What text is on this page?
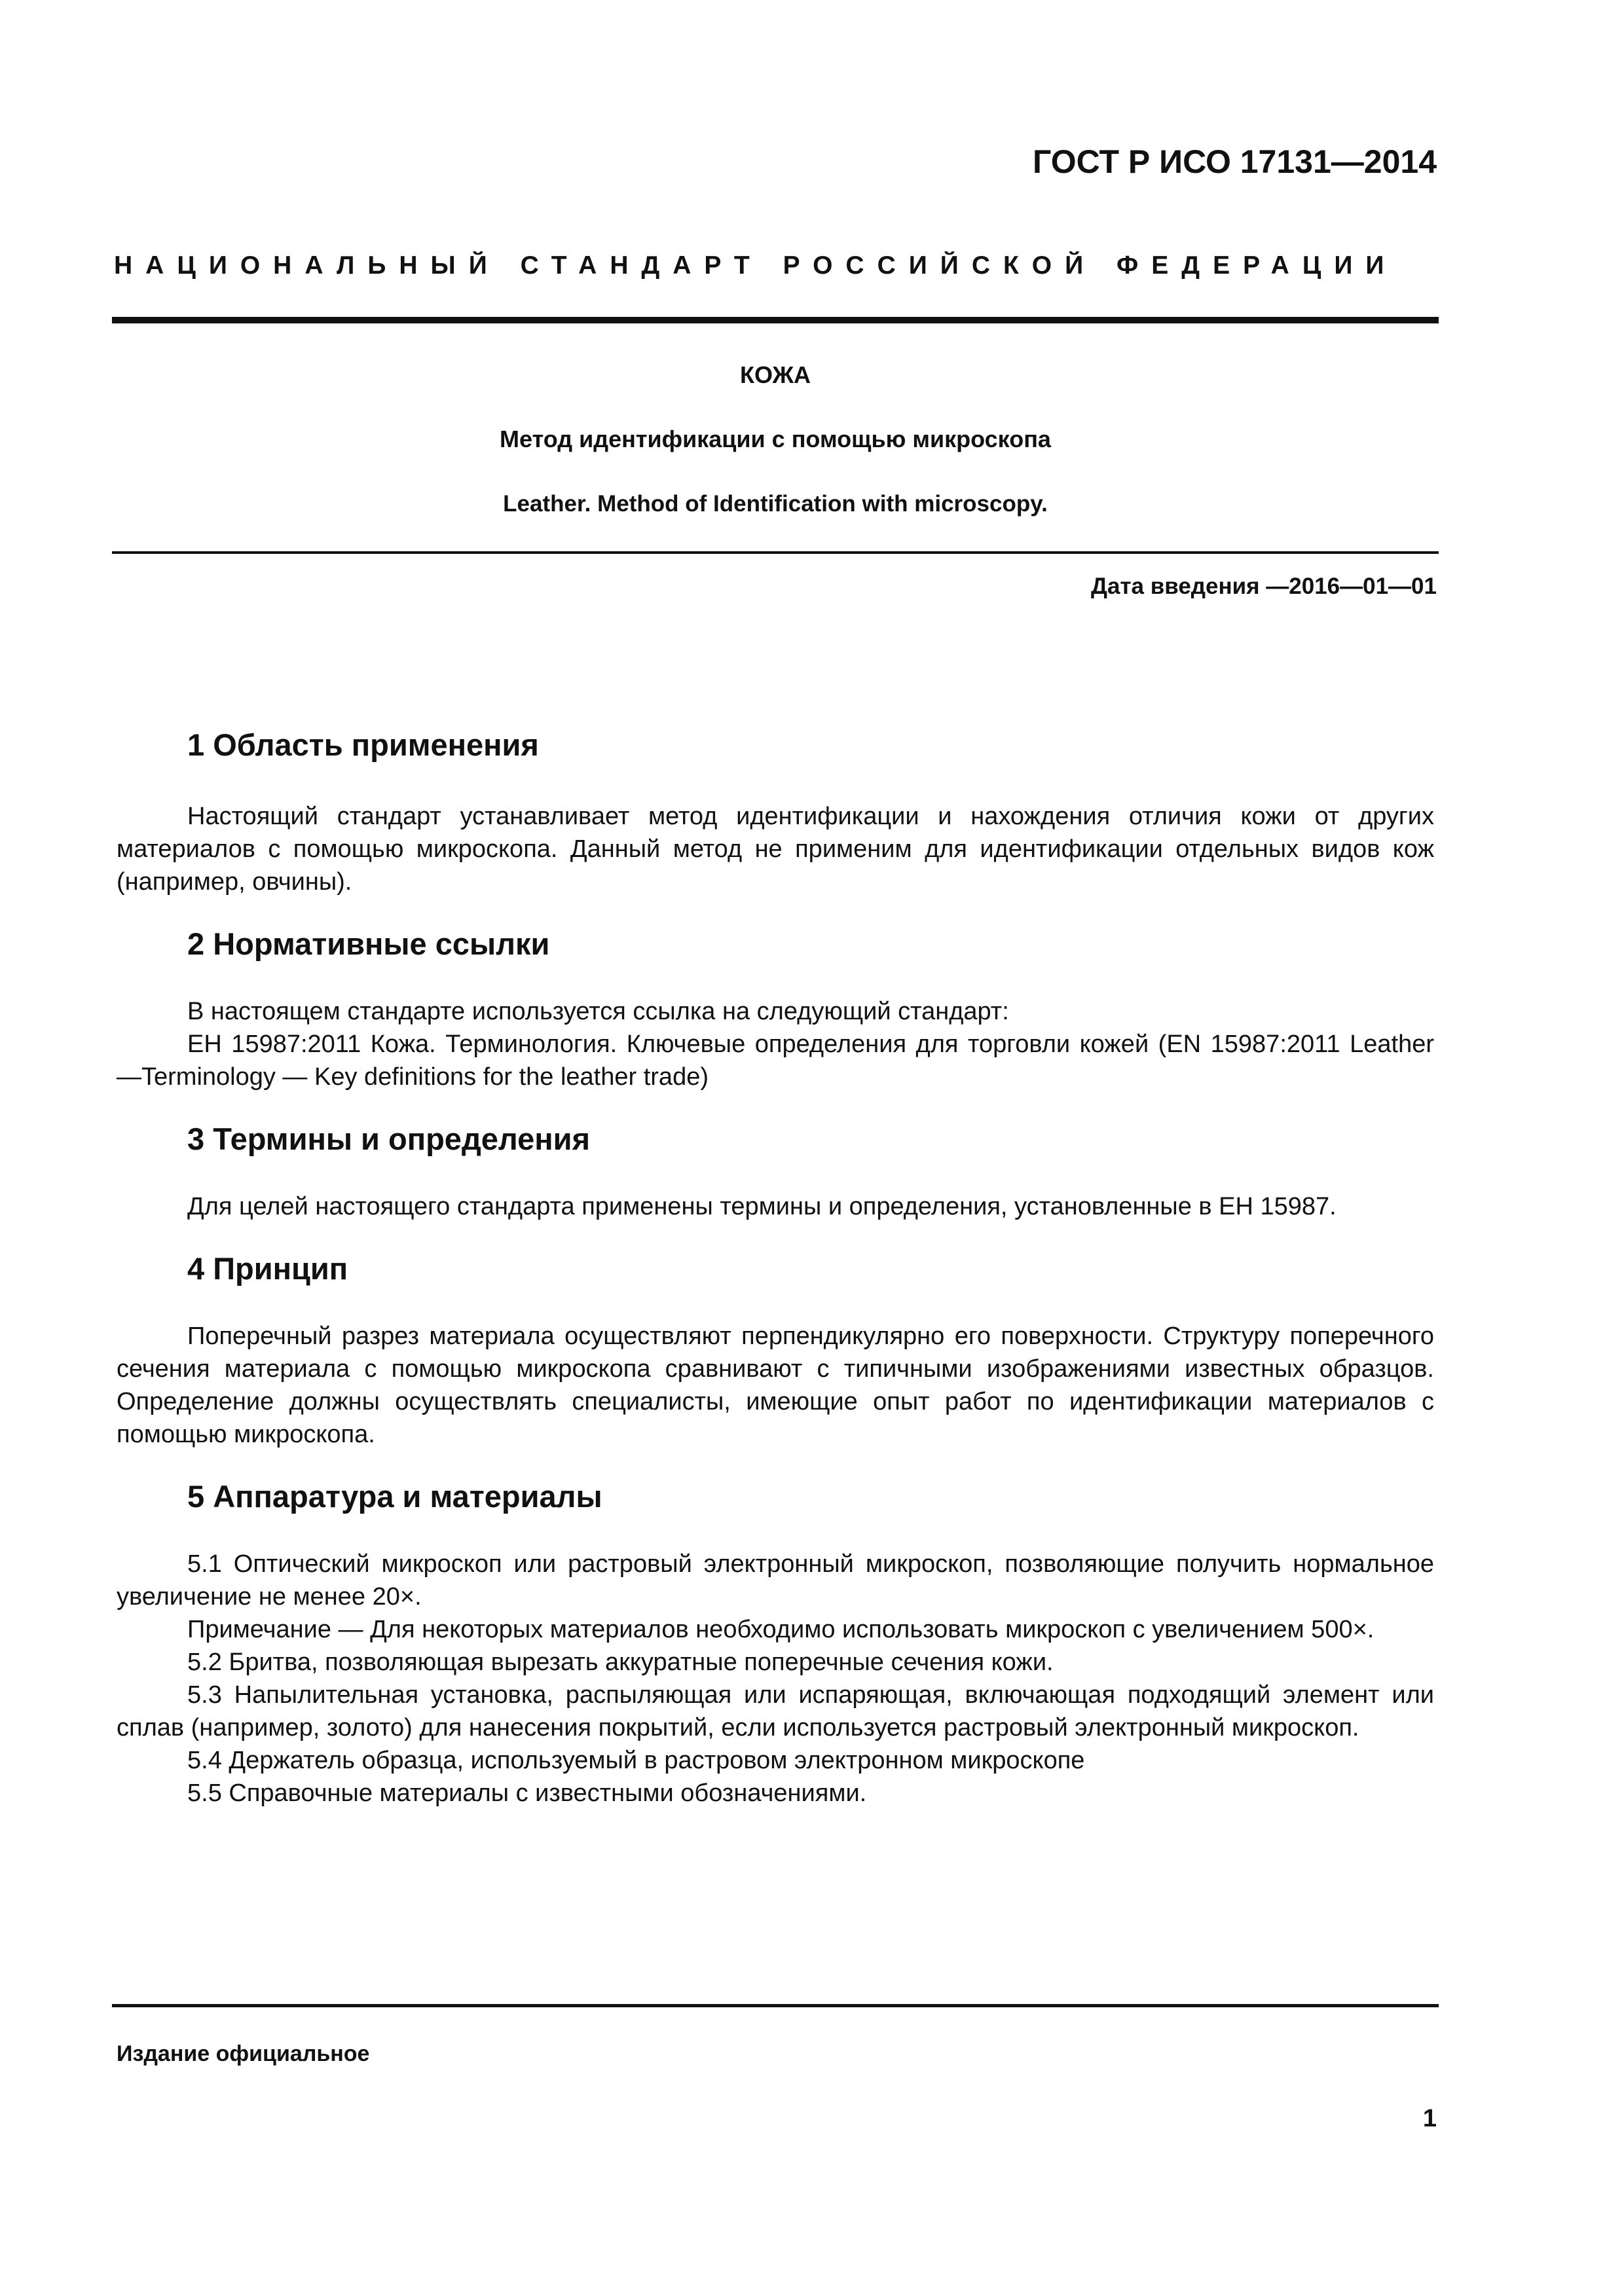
ГОСТ Р ИСО 17131—2014
НАЦИОНАЛЬНЫЙ СТАНДАРТ РОССИЙСКОЙ ФЕДЕРАЦИИ
КОЖА
Метод идентификации с помощью микроскопа
Leather. Method of Identification with microscopy.
Дата введения —2016—01—01
1 Область применения

Настоящий стандарт устанавливает метод идентификации и нахождения отличия кожи от других материалов с помощью микроскопа. Данный метод не применим для идентификации отдельных видов кож (например, овчины).

2 Нормативные ссылки

В настоящем стандарте используется ссылка на следующий стандарт:

ЕН 15987:2011 Кожа. Терминология. Ключевые определения для торговли кожей (EN 15987:2011 Leather —Terminology — Key definitions for the leather trade)

3 Термины и определения

Для целей настоящего стандарта применены термины и определения, установленные в ЕН 15987.

4 Принцип

Поперечный разрез материала осуществляют перпендикулярно его поверхности. Структуру поперечного сечения материала с помощью микроскопа сравнивают с типичными изображениями известных образцов. Определение должны осуществлять специалисты, имеющие опыт работ по идентификации материалов с помощью микроскопа.

5 Аппаратура и материалы

5.1 Оптический микроскоп или растровый электронный микроскоп, позволяющие получить нормальное увеличение не менее 20×.

Примечание — Для некоторых материалов необходимо использовать микроскоп с увеличением 500×.

5.2 Бритва, позволяющая вырезать аккуратные поперечные сечения кожи.

5.3 Напылительная установка, распыляющая или испаряющая, включающая подходящий элемент или сплав (например, золото) для нанесения покрытий, если используется растровый электронный микроскоп.

5.4 Держатель образца, используемый в растровом электронном микроскопе

5.5 Справочные материалы с известными обозначениями.

Издание официальное
1
